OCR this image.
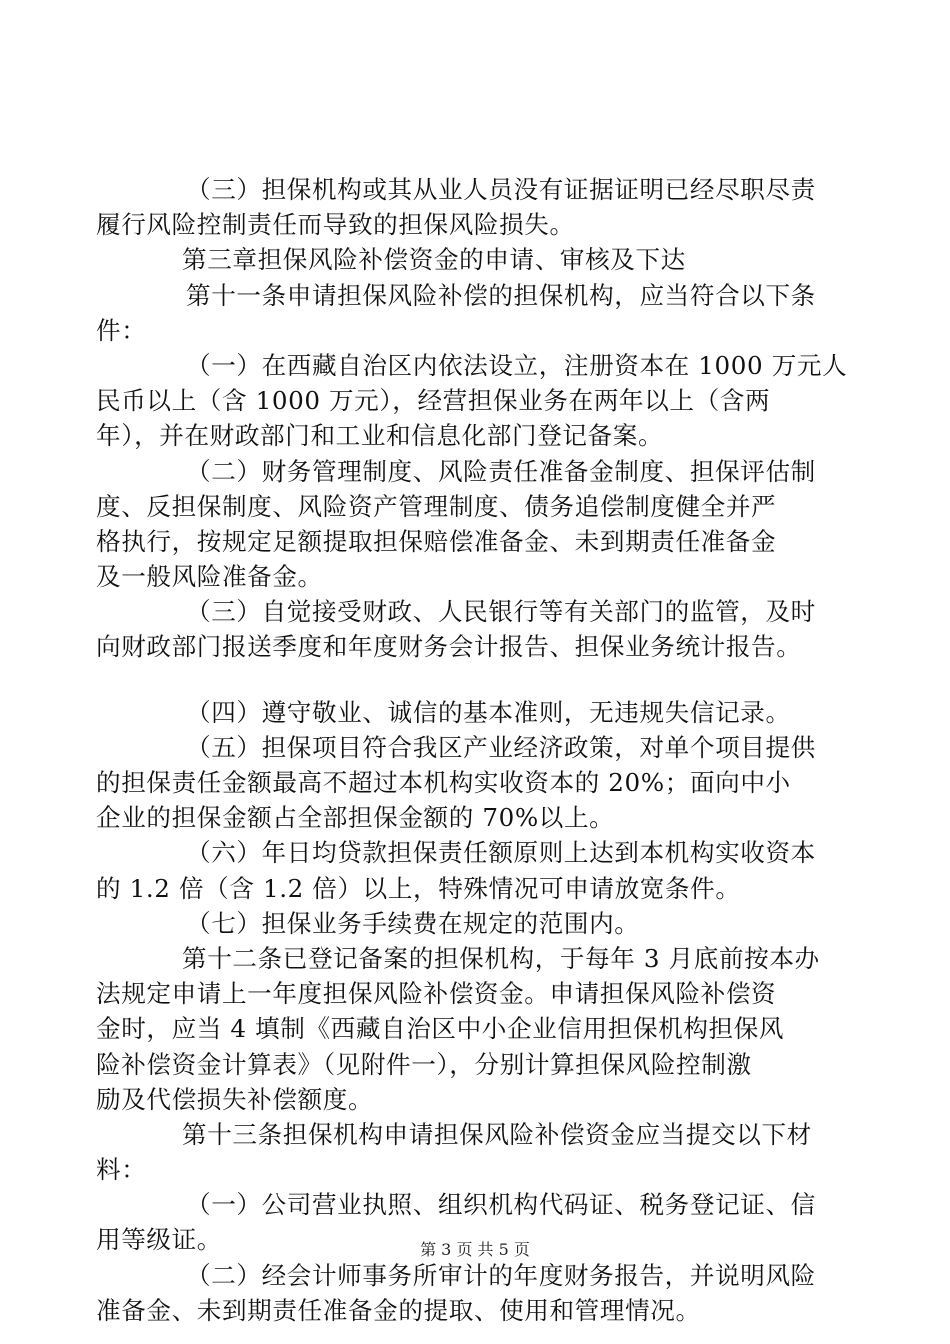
（三）担保机构或其从业人员没有证据证明已经尽职尽责
履行风险控制责任而导致的担保风险损失。
第三章担保风险补偿资金的申请、审核及下达
第十一条申请担保风险补偿的担保机构，应当符合以下条
件：
（一）在西藏自治区内依法设立，注册资本在 1000 万元人
民币以上（含 1000 万元），经营担保业务在两年以上（含两
年），并在财政部门和工业和信息化部门登记备案。
（二）财务管理制度、风险责任准备金制度、担保评估制
度、反担保制度、风险资产管理制度、债务追偿制度健全并严
格执行，按规定足额提取担保赔偿准备金、未到期责任准备金
及一般风险准备金。
（三）自觉接受财政、人民银行等有关部门的监管，及时
向财政部门报送季度和年度财务会计报告、担保业务统计报告。
（四）遵守敬业、诚信的基本准则，无违规失信记录。
（五）担保项目符合我区产业经济政策，对单个项目提供
的担保责任金额最高不超过本机构实收资本的 20%；面向中小
企业的担保金额占全部担保金额的 70%以上。
（六）年日均贷款担保责任额原则上达到本机构实收资本
的 1.2 倍（含 1.2 倍）以上，特殊情况可申请放宽条件。
（七）担保业务手续费在规定的范围内。
第十二条已登记备案的担保机构，于每年 3 月底前按本办
法规定申请上一年度担保风险补偿资金。申请担保风险补偿资
金时，应当 4 填制《西藏自治区中小企业信用担保机构担保风
险补偿资金计算表》（见附件一），分别计算担保风险控制激
励及代偿损失补偿额度。
第十三条担保机构申请担保风险补偿资金应当提交以下材
料：
（一）公司营业执照、组织机构代码证、税务登记证、信
用等级证。
（二）经会计师事务所审计的年度财务报告，并说明风险
准备金、未到期责任准备金的提取、使用和管理情况。
第 3 页 共 5 页
